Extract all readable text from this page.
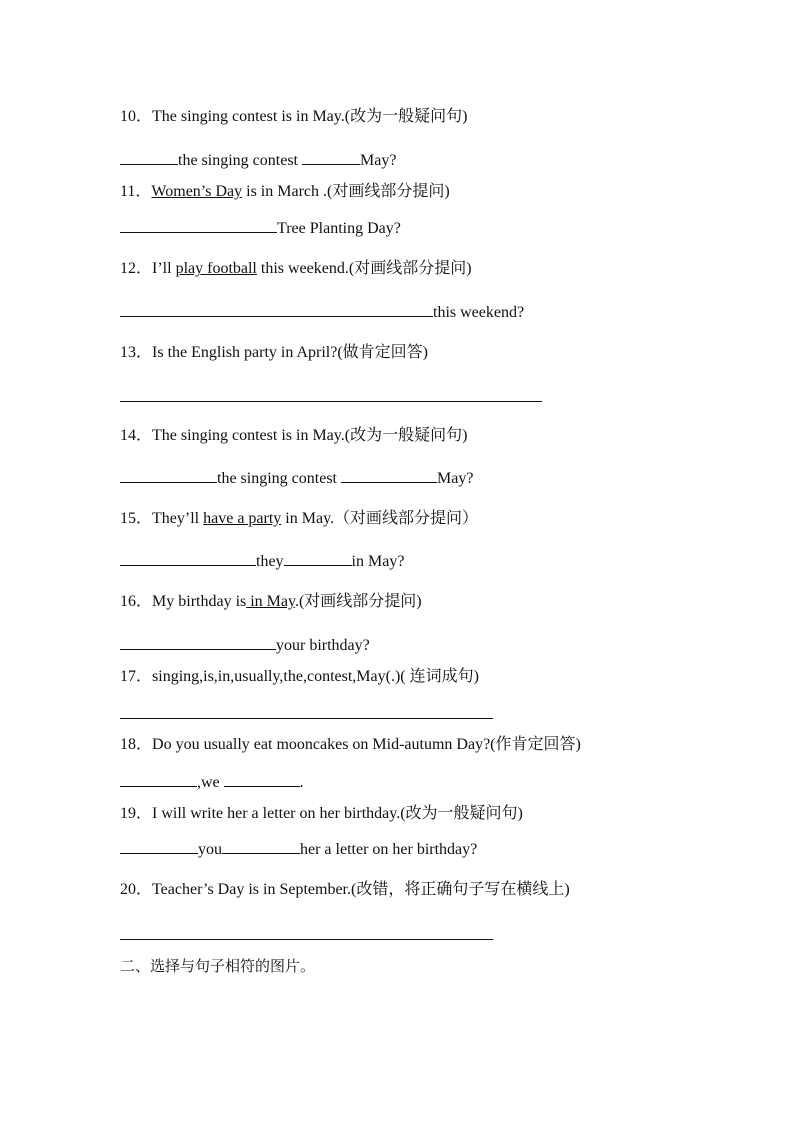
10．The singing contest is in May.(改为一般疑问句)
the singing contest	May?
11．Women’s Day is in March .(对画线部分提问)
Tree Planting Day?
12．I’ll play football this weekend.(对画线部分提问)
this weekend?
13．Is the English party in April?(做肯定回答)
14．The singing contest is in May.(改为一般疑问句)
the singing contest	May?
15．They’ll have a party in May.（对画线部分提问）
they	in May?
16．My birthday is in May.(对画线部分提问)
your birthday?
17．singing,is,in,usually,the,contest,May(.)( 连词成句)
18．Do you usually eat mooncakes on Mid-autumn Day?(作肯定回答)
,we	.
19．I will write her a letter on her birthday.(改为一般疑问句)
you	her a letter on her birthday?
20．Teacher’s Day is in September.(改错，将正确句子写在横线上)
二、选择与句子相符的图片。
